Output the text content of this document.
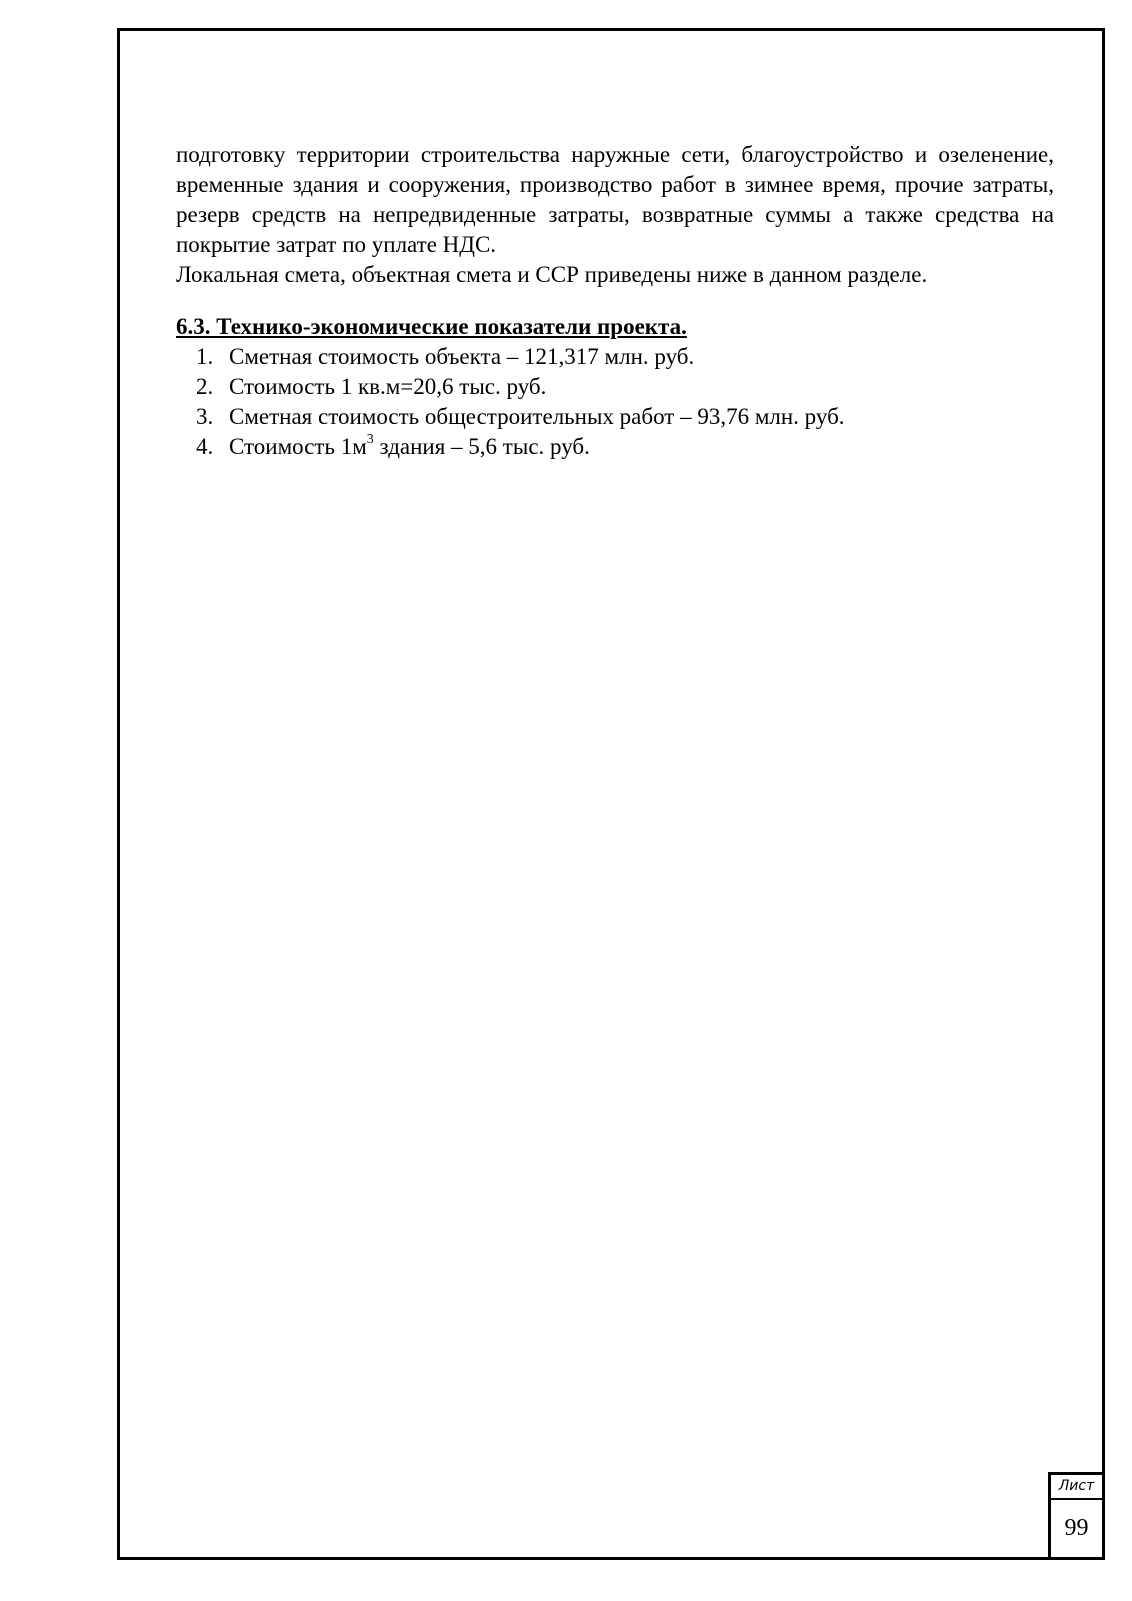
подготовку территории строительства наружные сети, благоустройство и озеленение, временные здания и сооружения, производство работ в зимнее время, прочие затраты, резерв средств на непредвиденные затраты, возвратные суммы а также средства на покрытие затрат по уплате НДС.

Локальная смета, объектная смета и ССР приведены ниже в данном разделе.

6.3. Технико-экономические показатели проекта.
1. Сметная стоимость объекта – 121,317 млн. руб.
2. Стоимость 1 кв.м=20,6 тыс. руб.
3. Сметная стоимость общестроительных работ – 93,76 млн. руб.
4. Стоимость $1м^3$ здания – 5,6 тыс. руб.
Лист
99
